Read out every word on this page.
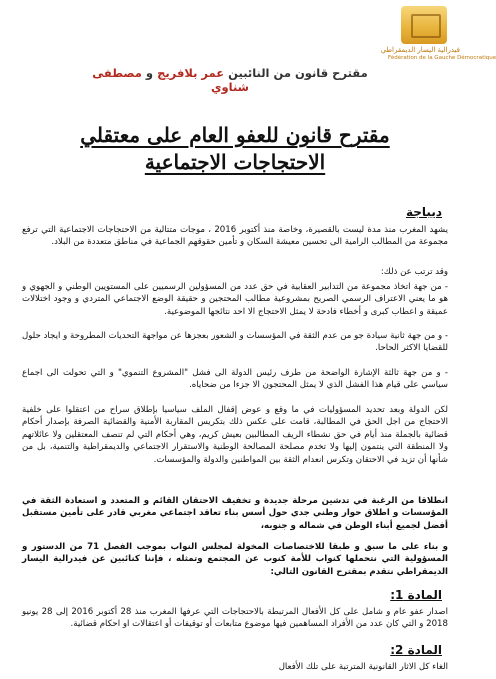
فيدرالية اليسار الديمقراطي
Fédération de la Gauche Démocratique
مقترح قانون من النائبين عمر بلافريج و مصطفى شناوي
مقترح قانون للعفو العام على معتقلي الاحتجاجات الاجتماعية
ديباجة
يشهد المغرب منذ مدة ليست بالقصيرة، وخاصة منذ أكتوبر 2016 ، موجات متتالية من الاحتجاجات الاجتماعية التي ترفع مجموعة من المطالب الرامية الى تحسين معيشة السكان و تأمين حقوقهم الجماعية في مناطق متعددة من البلاد.
وقد ترتب عن ذلك:
- من جهة اتخاذ مجموعة من التدابير العقابية في حق عدد من المسؤولين الرسميين على المستويين الوطني و الجهوي و هو ما يعني الاعتراف الرسمي الصريح بمشروعية مطالب المحتجين و حقيقة الوضع الاجتماعي المتردي و وجود اختلالات عميقة و اعطاب كبرى و أخطاء فادحة لا يمثل الاحتجاج الا احد نتائجها الموضوعية.
- و من جهة ثانية سيادة جو من عدم الثقة في المؤسسات و الشعور بعجزها عن مواجهة التحديات المطروحة و ايجاد حلول للقضايا الاكثر الحاحا.
- و من جهة ثالثة الإشارة الواضحة من طرف رئيس الدولة الى فشل "المشروع التنموي" و التي تحولت الى اجماع سياسي على قيام هذا الفشل الذي لا يمثل المحتجون الا جزءا من ضحاياه.
لكن الدولة وبعد تحديد المسؤوليات في ما وقع و عوض إقفال الملف سياسيا بإطلاق سراح من اعتقلوا على خلفية الاحتجاج من اجل الحق في المطالبة، قامت على عكس ذلك بتكريس المقاربة الأمنية والقضائية الصرفة بإصدار أحكام قضائية بالجملة منذ أيام في حق نشطاء الريف المطالبين بعيش كريم، وهي أحكام التي لم تنصف المعتقلين ولا عائلاتهم ولا المنطقة التي ينتمون إليها ولا تخدم مصلحة المصالحة الوطنية والاستقرار الاجتماعي والديمقراطية والتنمية، بل من شأنها أن تزيد في الاحتقان وتكرس انعدام الثقة بين المواطنين والدولة والمؤسسات.
انطلاقا من الرغبة في تدشين مرحلة جديدة و تخفيف الاحتقان القائم و المتعدد و استعادة الثقة في المؤسسات و اطلاق حوار وطني جدي حول أسس بناء تعاقد اجتماعي مغربي قادر على تأمين مستقبل أفضل لجميع أبناء الوطن في شماله و جنوبه،
و بناء على ما سبق و طبقا للاختصاصات المخولة لمجلس النواب بموجب الفصل 71 من الدستور و المسؤولية التي نتحملها كنواب للأمة كنوب عن المجتمع وتمثله ، فإننا كنائبين عن فيدرالية اليسار الديمقراطي نتقدم بمقترح القانون التالي:
المادة 1:
اصدار عفو عام و شامل على كل الأفعال المرتبطة بالاحتجاجات التي عرفها المغرب منذ 28 أكتوبر 2016 إلى 28 يونيو 2018 و التي كان عدد من الأفراد المساهمين فيها موضوع متابعات أو توقيفات أو اعتقالات او احكام قضائية.
المادة 2:
الغاء كل الاثار القانونية المترتبة على تلك الأفعال
